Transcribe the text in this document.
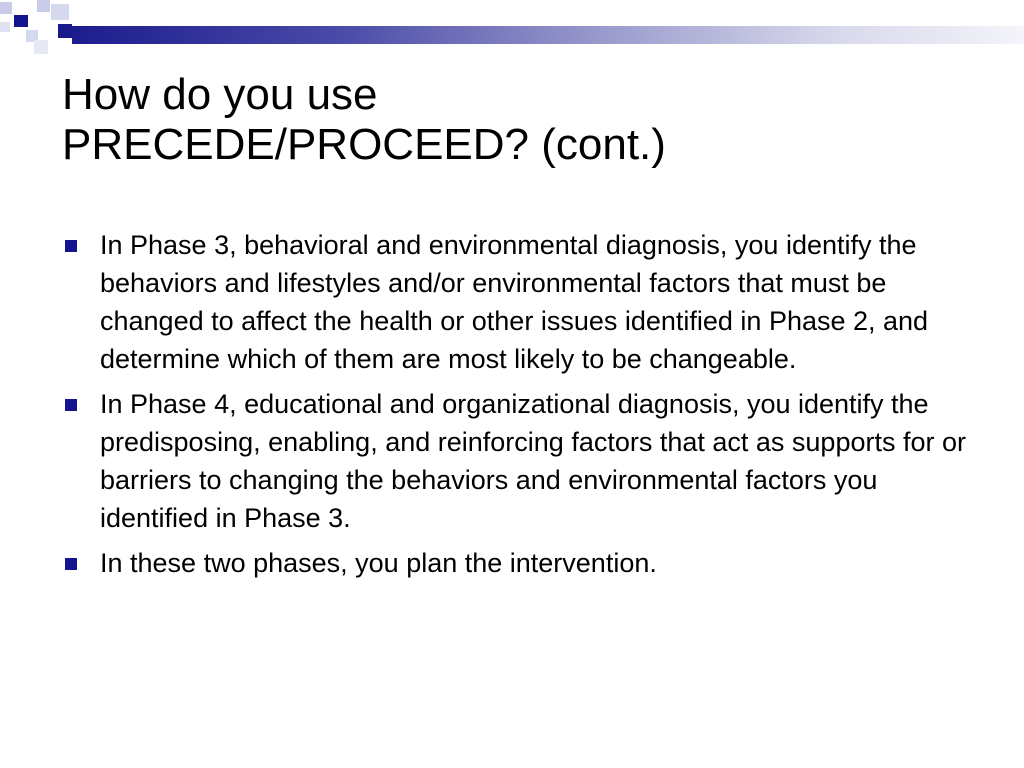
How do you use
PRECEDE/PROCEED? (cont.)
In Phase 3, behavioral and environmental diagnosis, you identify the behaviors and lifestyles and/or environmental factors that must be changed to affect the health or other issues identified in Phase 2, and determine which of them are most likely to be changeable.
In Phase 4, educational and organizational diagnosis, you identify the predisposing, enabling, and reinforcing factors that act as supports for or barriers to changing the behaviors and environmental factors you identified in Phase 3.
In these two phases, you plan the intervention.
